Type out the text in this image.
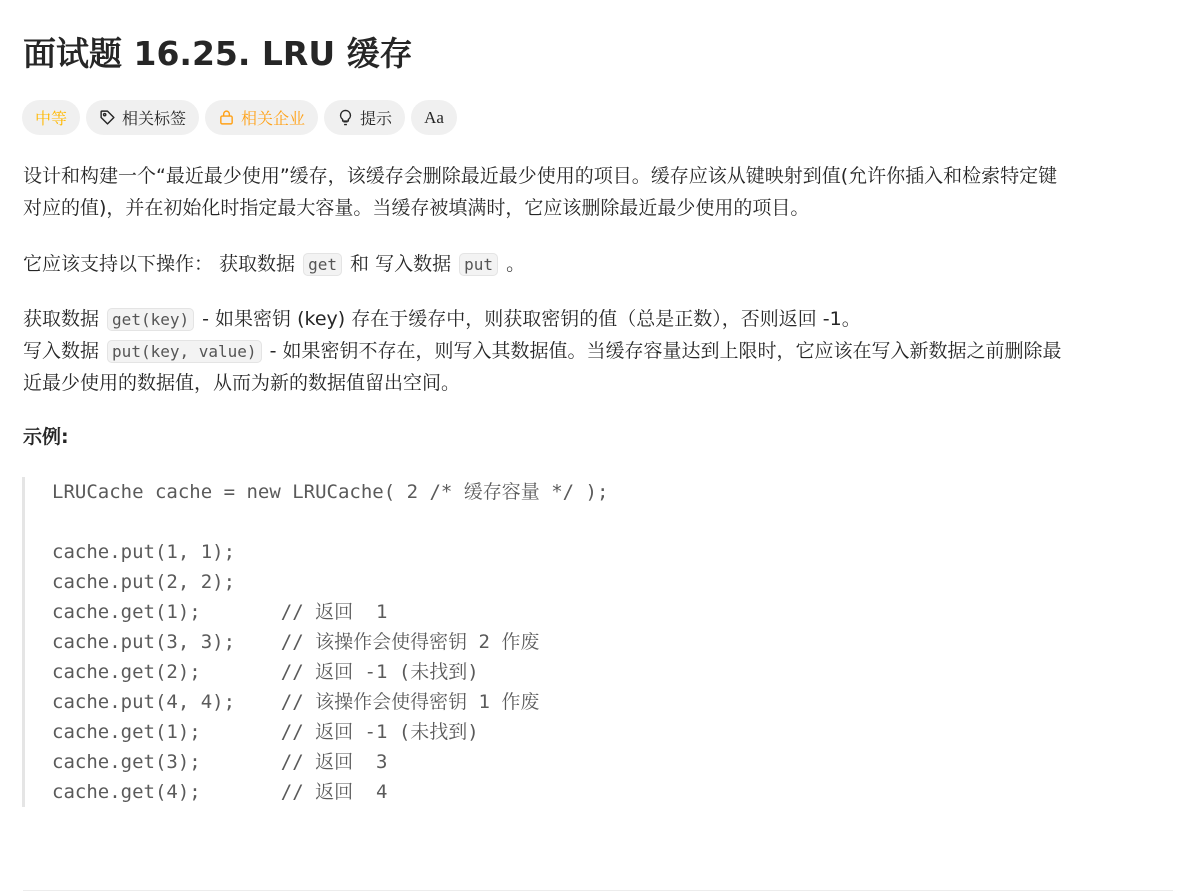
面试题 16.25. LRU 缓存
中等	相关标签	相关企业	提示 Aa

设计和构建一个“最近最少使用”缓存，该缓存会删除最近最少使用的项目。缓存应该从键映射到值(允许你插入和检索特定键

对应的值)，并在初始化时指定最大容量。当缓存被填满时，它应该删除最近最少使用的项目。

它应该支持以下操作： 获取数据 get 和 写入数据 put 。

获取数据 get(key) - 如果密钥 (key) 存在于缓存中，则获取密钥的值（总是正数），否则返回 -1。

写入数据 put(key, value) - 如果密钥不存在，则写入其数据值。当缓存容量达到上限时，它应该在写入新数据之前删除最

近最少使用的数据值，从而为新的数据值留出空间。

示例:

LRUCache cache = new LRUCache( 2 /* 缓存容量 */ );
cache.put(1, 1);
cache.put(2, 2);
cache.get(1);       // 返回  1
cache.put(3, 3);    // 该操作会使得密钥 2 作废
cache.get(2);       // 返回 -1 (未找到)
cache.put(4, 4);    // 该操作会使得密钥 1 作废
cache.get(1);       // 返回 -1 (未找到)
cache.get(3);       // 返回  3
cache.get(4);       // 返回  4
